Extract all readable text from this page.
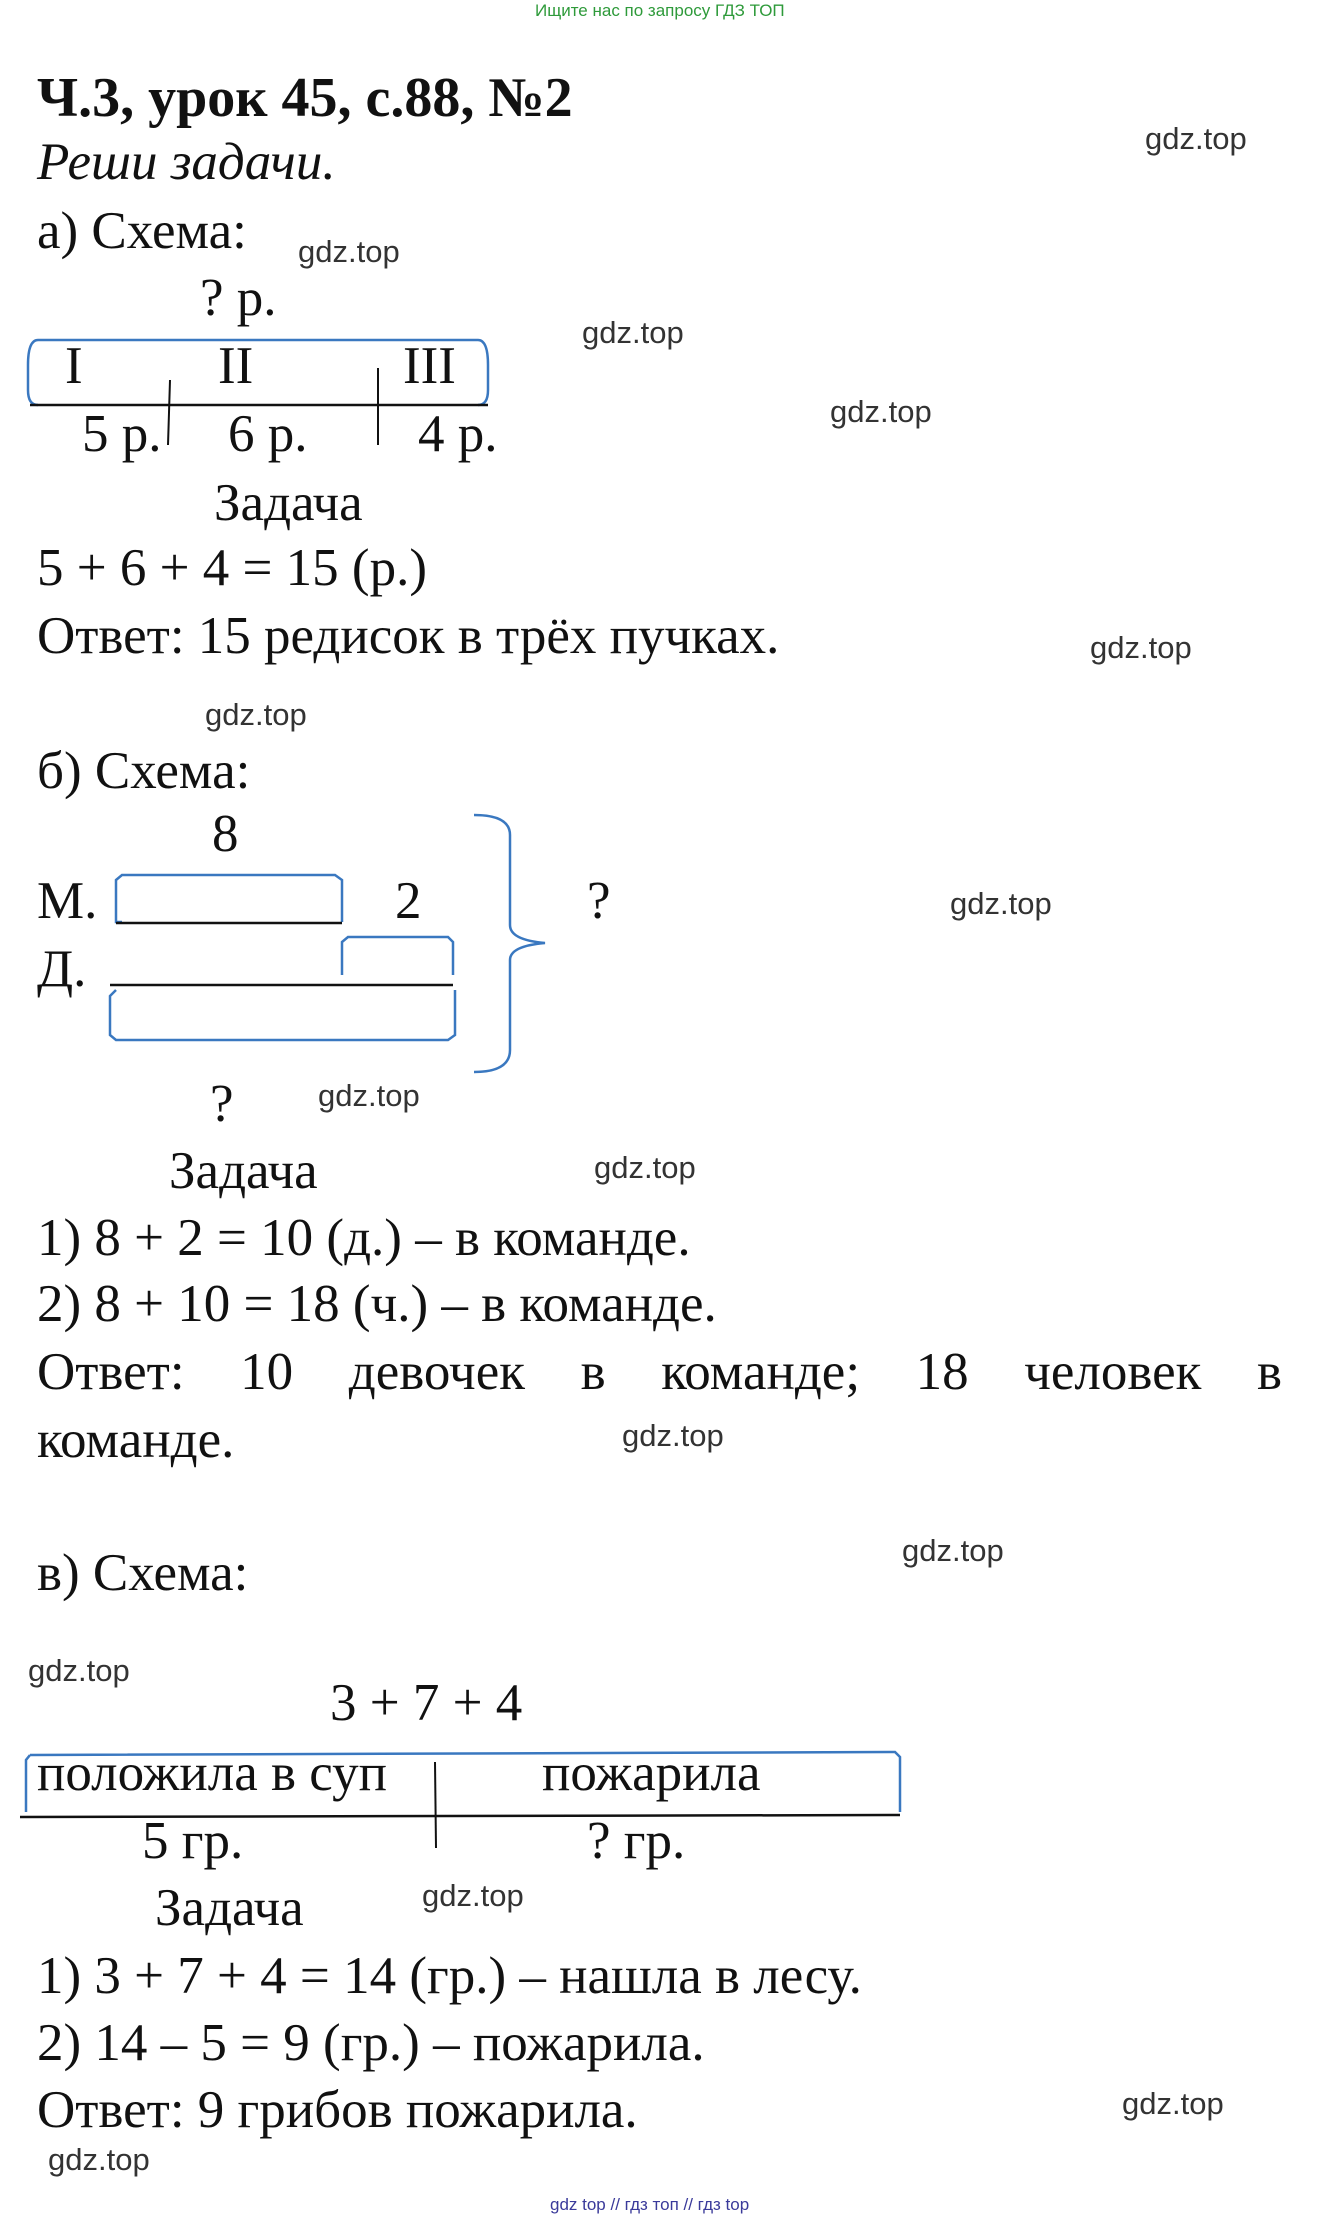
Ищите нас по запросу ГДЗ ТОП
Ч.3, урок 45, с.88, №2
Реши задачи.
а) Схема:
? р.
I	II	III
5 р. 6 р. 4 р.
Задача
5 + 6 + 4 = 15 (р.)
Ответ: 15 редисок в трёх пучках.
б) Схема:
8
М.	2
Д.
?
?
Задача
1) 8 + 2 = 10 (д.) – в команде.
2) 8 + 10 = 18 (ч.) – в команде.
Ответ: 10 девочек в команде; 18 человек в
команде.
в) Схема:
3 + 7 + 4
положила в суп	пожарила
5 гр.	? гр.
Задача
1) 3 + 7 + 4 = 14 (гр.) – нашла в лесу.
2) 14 – 5 = 9 (гр.) – пожарила.
Ответ: 9 грибов пожарила.
gdz.top
gdz.top
gdz.top
gdz.top
gdz.top
gdz.top
gdz.top
gdz.top
gdz.top
gdz.top
gdz.top
gdz.top
gdz.top
gdz.top
gdz.top
gdz top // гдз топ // гдз top
